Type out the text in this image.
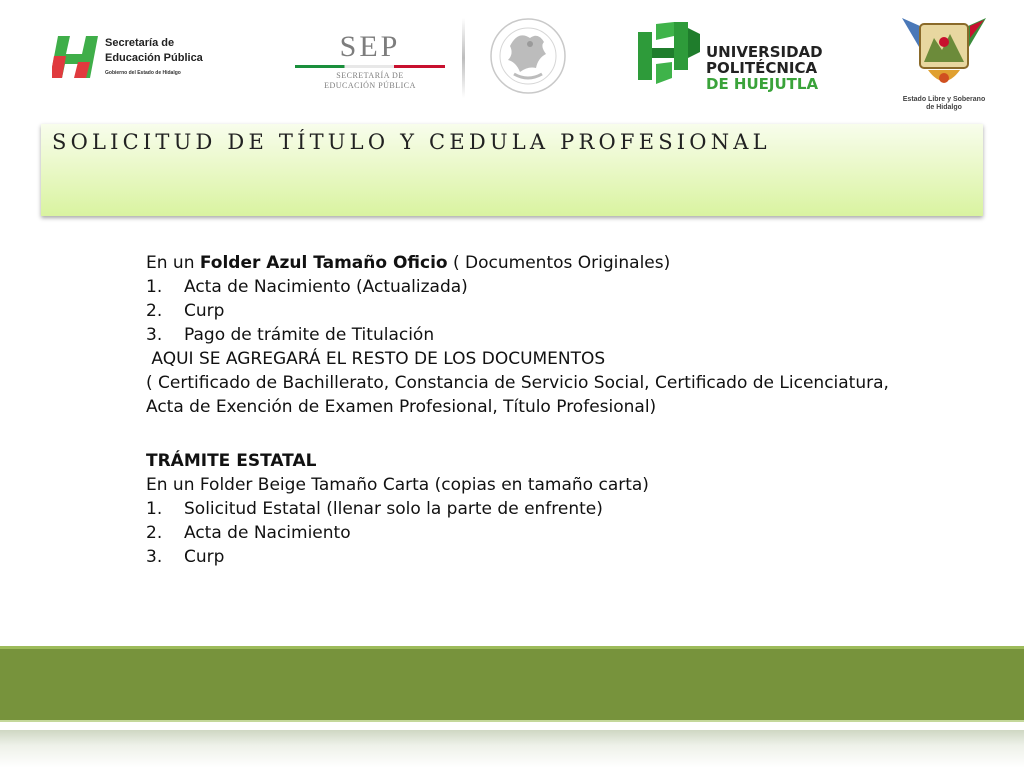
Secretaría de
Educación Pública
Gobierno del Estado de Hidalgo
SEP
SECRETARÍA DE
EDUCACIÓN PÚBLICA
UNIVERSIDAD
POLITÉCNICA
DE HUEJUTLA
Estado Libre y Soberano
de Hidalgo
SOLICITUD DE TÍTULO Y CEDULA PROFESIONAL
En un Folder Azul Tamaño Oficio ( Documentos Originales)
1. Acta de Nacimiento (Actualizada)
2. Curp
3. Pago de trámite de Titulación
AQUI SE AGREGARÁ EL RESTO DE LOS DOCUMENTOS
( Certificado de Bachillerato, Constancia de Servicio Social, Certificado de Licenciatura,
Acta de Exención de Examen Profesional, Título Profesional)
TRÁMITE ESTATAL
En un Folder Beige Tamaño Carta (copias en tamaño carta)
1. Solicitud Estatal (llenar solo la parte de enfrente)
2. Acta de Nacimiento
3. Curp
